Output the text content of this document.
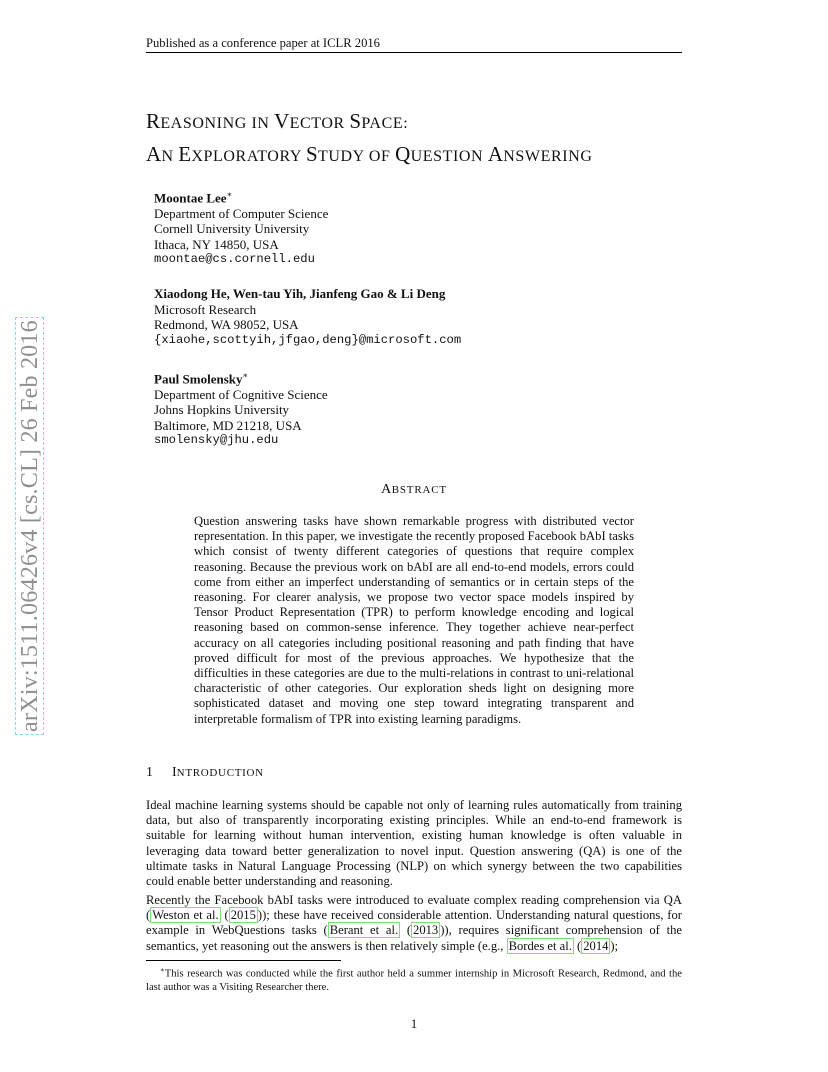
Published as a conference paper at ICLR 2016
REASONING IN VECTOR SPACE:
AN EXPLORATORY STUDY OF QUESTION ANSWERING
Moontae Lee∗
Department of Computer Science
Cornell University University
Ithaca, NY 14850, USA
moontae@cs.cornell.edu
Xiaodong He, Wen-tau Yih, Jianfeng Gao & Li Deng
Microsoft Research
Redmond, WA 98052, USA
{xiaohe,scottyih,jfgao,deng}@microsoft.com
Paul Smolensky∗
Department of Cognitive Science
Johns Hopkins University
Baltimore, MD 21218, USA
smolensky@jhu.edu
arXiv:1511.06426v4 [cs.CL] 26 Feb 2016	ABSTRACT
Question answering tasks have shown remarkable progress with distributed vector representation. In this paper, we investigate the recently proposed Facebook bAbI tasks which consist of twenty different categories of questions that require complex reasoning. Because the previous work on bAbI are all end-to-end models, errors could come from either an imperfect understanding of semantics or in certain steps of the reasoning. For clearer analysis, we propose two vector space models inspired by Tensor Product Representation (TPR) to perform knowledge encoding and logical reasoning based on common-sense inference. They together achieve near-perfect accuracy on all categories including positional reasoning and path finding that have proved difficult for most of the previous approaches. We hypothesize that the difficulties in these categories are due to the multi-relations in contrast to uni-relational characteristic of other categories. Our exploration sheds light on designing more sophisticated dataset and moving one step toward integrating transparent and interpretable formalism of TPR into existing learning paradigms.
1 INTRODUCTION
Ideal machine learning systems should be capable not only of learning rules automatically from training data, but also of transparently incorporating existing principles. While an end-to-end framework is suitable for learning without human intervention, existing human knowledge is often valuable in leveraging data toward better generalization to novel input. Question answering (QA) is one of the ultimate tasks in Natural Language Processing (NLP) on which synergy between the two capabilities could enable better understanding and reasoning.
Recently the Facebook bAbI tasks were introduced to evaluate complex reading comprehension via QA ( Weston et al. ( 2015 )); these have received considerable attention. Understanding natural questions, for example in WebQuestions tasks ( Berant et al. ( 2013 )), requires significant comprehension of the semantics, yet reasoning out the answers is then relatively simple (e.g., Bordes et al. ( 2014 );
∗This research was conducted while the first author held a summer internship in Microsoft Research, Redmond, and the last author was a Visiting Researcher there.
1
